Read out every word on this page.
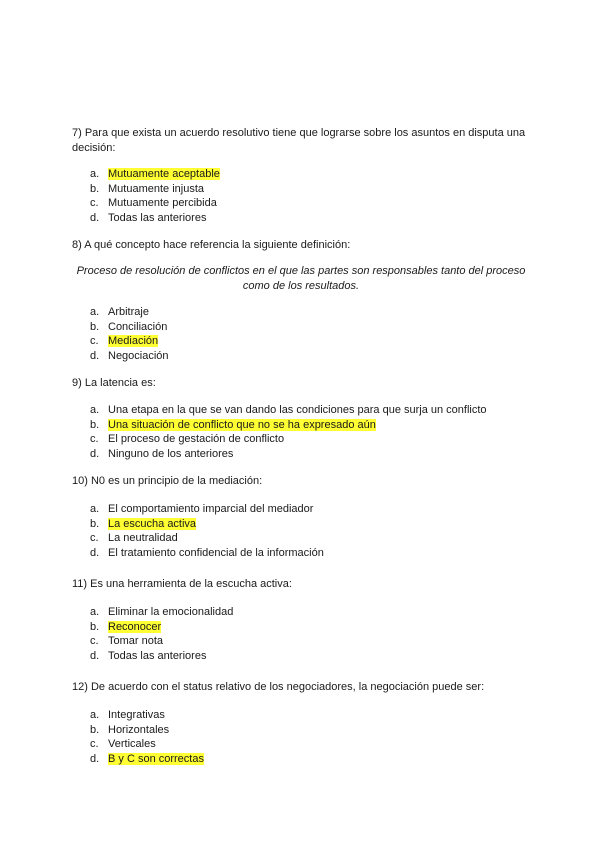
7) Para que exista un acuerdo resolutivo tiene que lograrse sobre los asuntos en disputa una decisión:

a. Mutuamente aceptable
b. Mutuamente injusta
c. Mutuamente percibida
d. Todas las anteriores

8) A qué concepto hace referencia la siguiente definición:

Proceso de resolución de conflictos en el que las partes son responsables tanto del proceso como de los resultados.

a. Arbitraje
b. Conciliación
c. Mediación
d. Negociación

9) La latencia es:

a. Una etapa en la que se van dando las condiciones para que surja un conflicto
b. Una situación de conflicto que no se ha expresado aún
c. El proceso de gestación de conflicto
d. Ninguno de los anteriores

10) N0 es un principio de la mediación:

a. El comportamiento imparcial del mediador
b. La escucha activa
c. La neutralidad
d. El tratamiento confidencial de la información

11) Es una herramienta de la escucha activa:

a. Eliminar la emocionalidad
b. Reconocer
c. Tomar nota
d. Todas las anteriores

12) De acuerdo con el status relativo de los negociadores, la negociación puede ser:

a. Integrativas
b. Horizontales
c. Verticales
d. B y C son correctas
